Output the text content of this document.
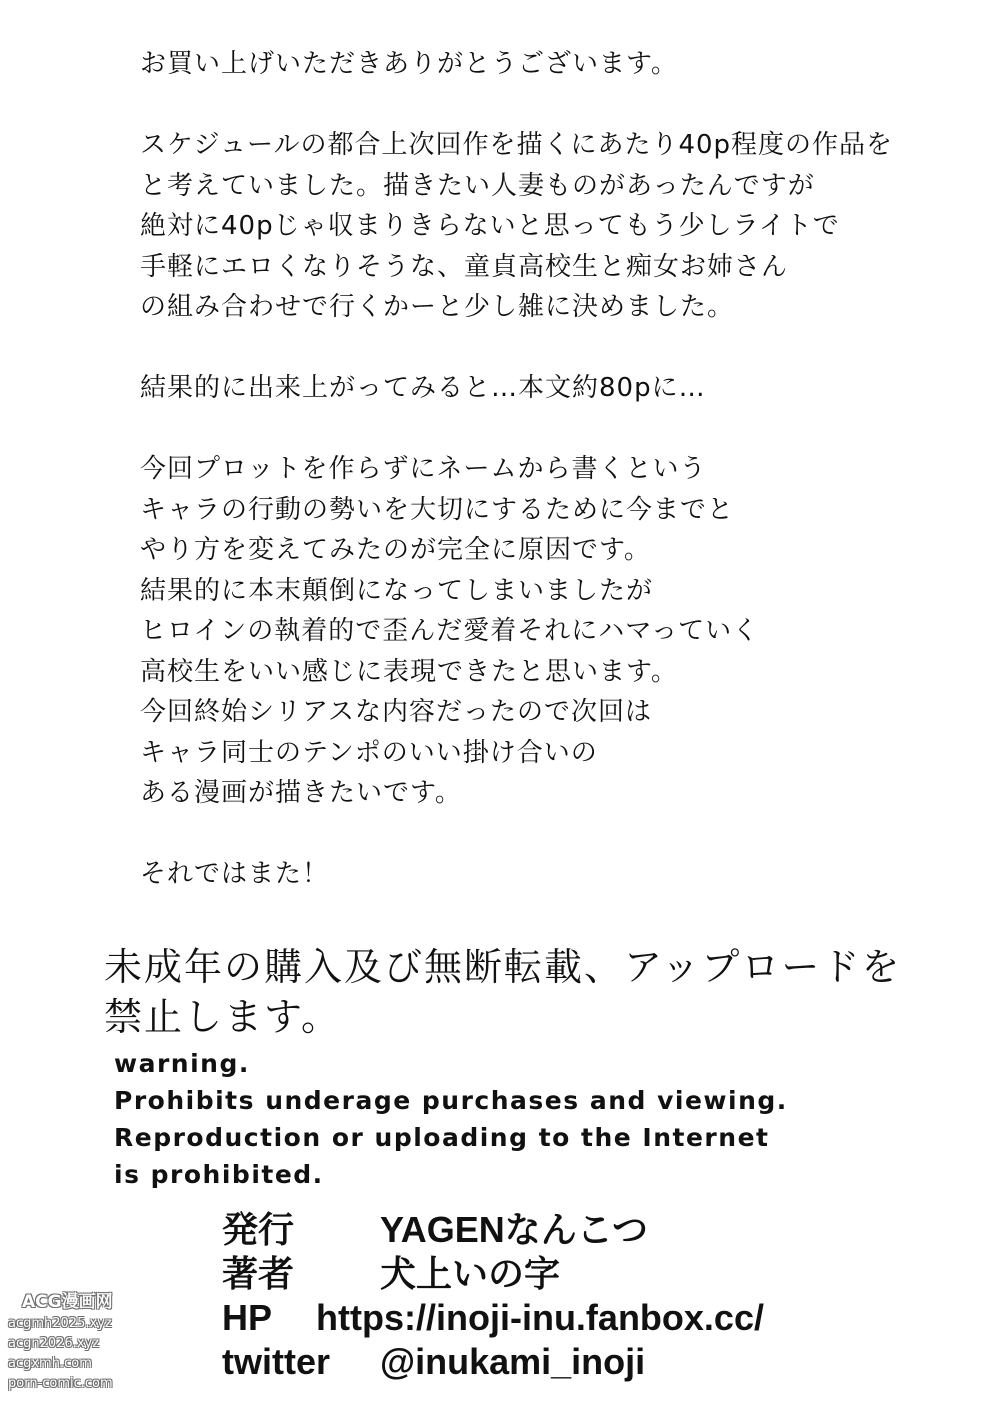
お買い上げいただきありがとうございます。
スケジュールの都合上次回作を描くにあたり40p程度の作品を
と考えていました。描きたい人妻ものがあったんですが
絶対に40pじゃ収まりきらないと思ってもう少しライトで
手軽にエロくなりそうな、童貞高校生と痴女お姉さん
の組み合わせで行くかーと少し雑に決めました。
結果的に出来上がってみると…本文約80pに…
今回プロットを作らずにネームから書くという
キャラの行動の勢いを大切にするために今までと
やり方を変えてみたのが完全に原因です。
結果的に本末顛倒になってしまいましたが
ヒロインの執着的で歪んだ愛着それにハマっていく
高校生をいい感じに表現できたと思います。
今回終始シリアスな内容だったので次回は
キャラ同士のテンポのいい掛け合いの
ある漫画が描きたいです。
それではまた！
未成年の購入及び無断転載、アップロードを
禁止します。
warning.
Prohibits underage purchases and viewing.
Reproduction or uploading to the Internet
is prohibited.
発行	YAGENなんこつ
著者	犬上いの字
HP	https://inoji-inu.fanbox.cc/
twitter	@inukami_inoji
ACG漫画网
acgmh2025.xyz
acgn2026.xyz
acgxmh.com
porn-comic.com
